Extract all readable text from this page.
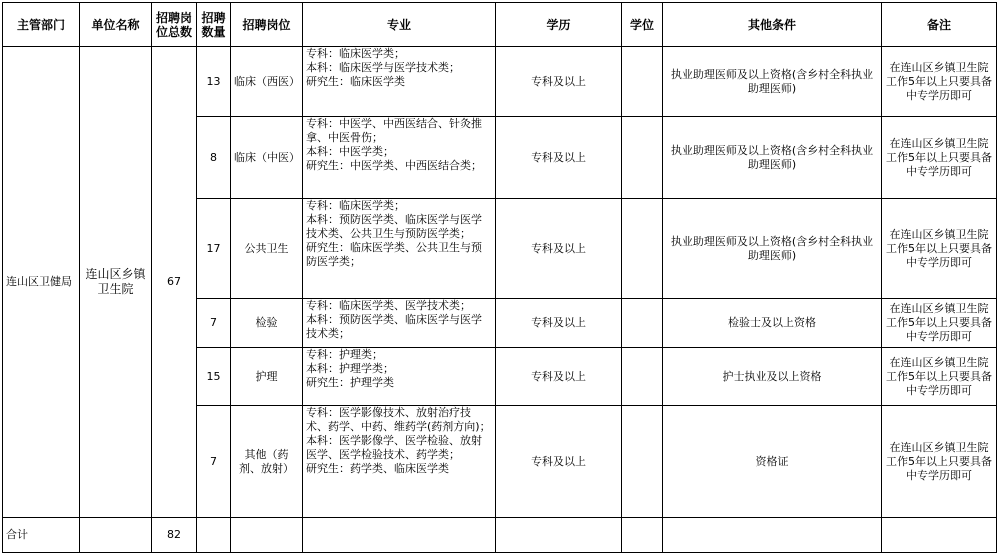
主管部门	单位名称	招聘岗位总数	招聘数量	招聘岗位	专业	学历	学位	其他条件	备注
连山区卫健局	连山区乡镇卫生院	67	13	临床（西医）	专科：临床医学类；
本科：临床医学与医学技术类；
研究生：临床医学类	专科及以上		执业助理医师及以上资格(含乡村全科执业助理医师)	在连山区乡镇卫生院工作5年以上只要具备中专学历即可
			8	临床（中医）	专科：中医学、中西医结合、针灸推拿、中医骨伤；
本科：中医学类；
研究生：中医学类、中西医结合类；	专科及以上		执业助理医师及以上资格(含乡村全科执业助理医师)	在连山区乡镇卫生院工作5年以上只要具备中专学历即可
			17	公共卫生	专科：临床医学类；
本科：预防医学类、临床医学与医学技术类、公共卫生与预防医学类；
研究生：临床医学类、公共卫生与预防医学类；	专科及以上		执业助理医师及以上资格(含乡村全科执业助理医师)	在连山区乡镇卫生院工作5年以上只要具备中专学历即可
			7	检验	专科：临床医学类、医学技术类；
本科：预防医学类、临床医学与医学技术类；	专科及以上		检验士及以上资格	在连山区乡镇卫生院工作5年以上只要具备中专学历即可
			15	护理	专科：护理类；
本科：护理学类；
研究生：护理学类	专科及以上		护士执业及以上资格	在连山区乡镇卫生院工作5年以上只要具备中专学历即可
			7	其他（药剂、放射）	专科：医学影像技术、放射治疗技术、药学、中药、维药学(药剂方向)；
本科：医学影像学、医学检验、放射医学、医学检验技术、药学类；
研究生：药学类、临床医学类	专科及以上		资格证	在连山区乡镇卫生院工作5年以上只要具备中专学历即可
合计		82							
